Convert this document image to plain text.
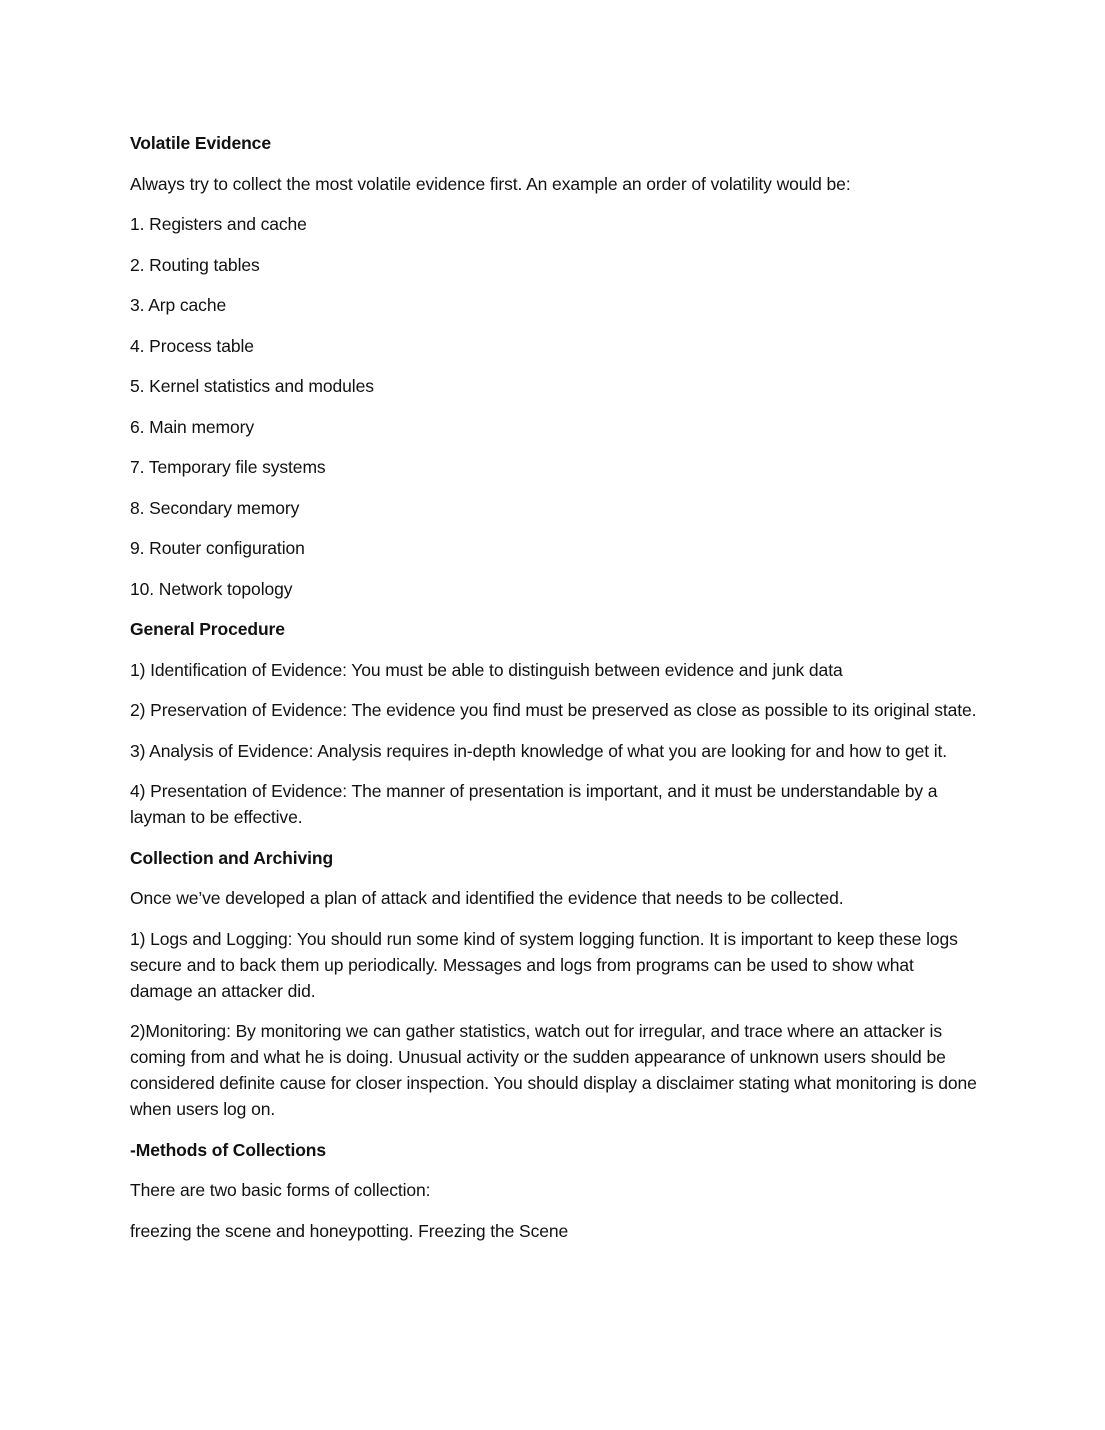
Volatile Evidence

Always try to collect the most volatile evidence first. An example an order of volatility would be:

1. Registers and cache

2. Routing tables

3. Arp cache

4. Process table

5. Kernel statistics and modules

6. Main memory

7. Temporary file systems

8. Secondary memory

9. Router configuration

10. Network topology

General Procedure

1) Identification of Evidence: You must be able to distinguish between evidence and junk data

2) Preservation of Evidence: The evidence you find must be preserved as close as possible to its original state.

3) Analysis of Evidence: Analysis requires in-depth knowledge of what you are looking for and how to get it.

4) Presentation of Evidence: The manner of presentation is important, and it must be understandable by a layman to be effective.

Collection and Archiving

Once we’ve developed a plan of attack and identified the evidence that needs to be collected.

1) Logs and Logging: You should run some kind of system logging function. It is important to keep these logs secure and to back them up periodically. Messages and logs from programs can be used to show what damage an attacker did.

2)Monitoring: By monitoring we can gather statistics, watch out for irregular, and trace where an attacker is coming from and what he is doing. Unusual activity or the sudden appearance of unknown users should be considered definite cause for closer inspection. You should display a disclaimer stating what monitoring is done when users log on.

-Methods of Collections

There are two basic forms of collection:

freezing the scene and honeypotting. Freezing the Scene
